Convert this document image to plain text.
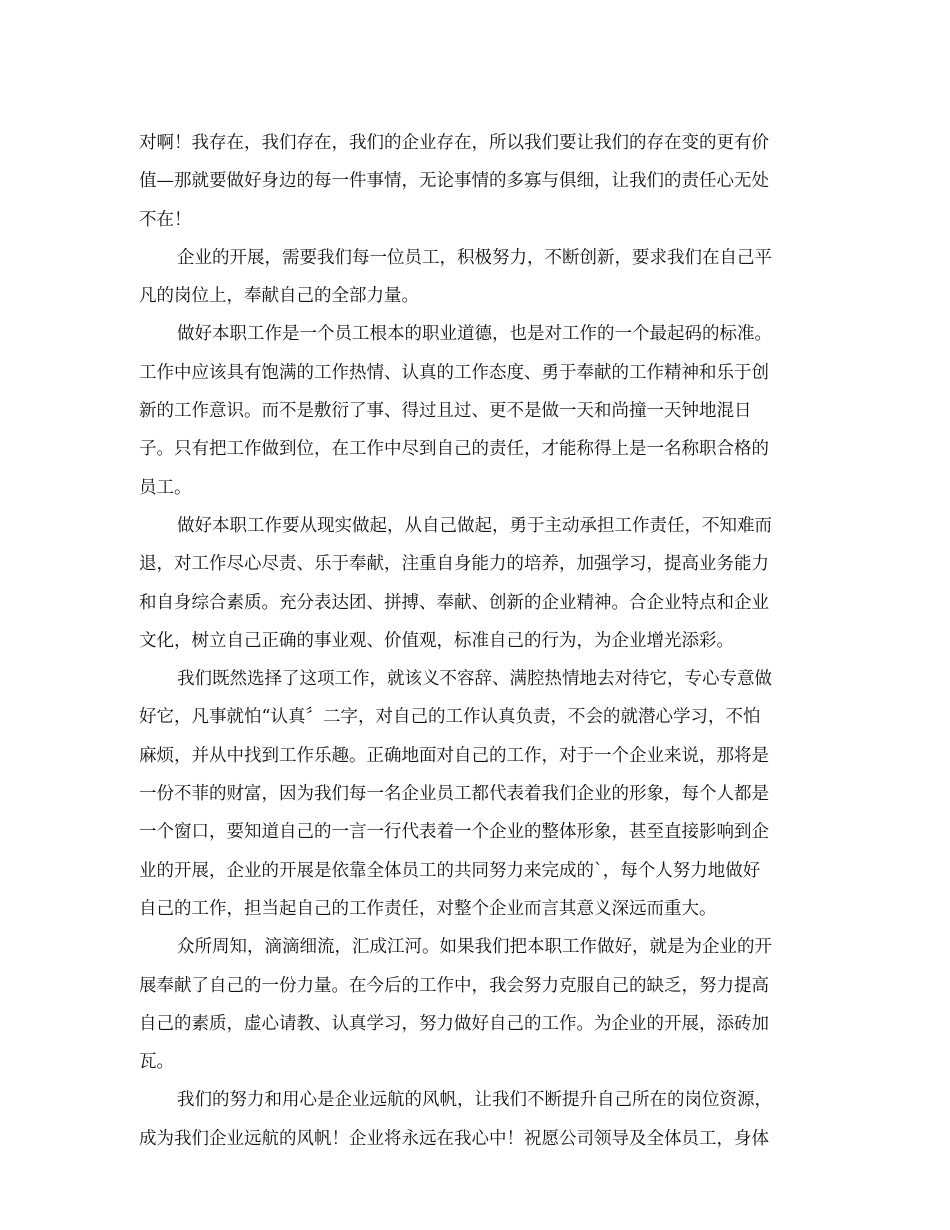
对啊！我存在，我们存在，我们的企业存在，所以我们要让我们的存在变的更有价
值—那就要做好身边的每一件事情，无论事情的多寡与俱细，让我们的责任心无处
不在！
企业的开展，需要我们每一位员工，积极努力，不断创新，要求我们在自己平
凡的岗位上，奉献自己的全部力量。
做好本职工作是一个员工根本的职业道德，也是对工作的一个最起码的标准。
工作中应该具有饱满的工作热情、认真的工作态度、勇于奉献的工作精神和乐于创
新的工作意识。而不是敷衍了事、得过且过、更不是做一天和尚撞一天钟地混日
子。只有把工作做到位，在工作中尽到自己的责任，才能称得上是一名称职合格的
员工。
做好本职工作要从现实做起，从自己做起，勇于主动承担工作责任，不知难而
退，对工作尽心尽责、乐于奉献，注重自身能力的培养，加强学习，提高业务能力
和自身综合素质。充分表达团、拼搏、奉献、创新的企业精神。合企业特点和企业
文化，树立自己正确的事业观、价值观，标准自己的行为，为企业增光添彩。
我们既然选择了这项工作，就该义不容辞、满腔热情地去对待它，专心专意做
好它，凡事就怕“认真〞二字，对自己的工作认真负责，不会的就潜心学习，不怕
麻烦，并从中找到工作乐趣。正确地面对自己的工作，对于一个企业来说，那将是
一份不菲的财富，因为我们每一名企业员工都代表着我们企业的形象，每个人都是
一个窗口，要知道自己的一言一行代表着一个企业的整体形象，甚至直接影响到企
业的开展，企业的开展是依靠全体员工的共同努力来完成的`，每个人努力地做好
自己的工作，担当起自己的工作责任，对整个企业而言其意义深远而重大。
众所周知，滴滴细流，汇成江河。如果我们把本职工作做好，就是为企业的开
展奉献了自己的一份力量。在今后的工作中，我会努力克服自己的缺乏，努力提高
自己的素质，虚心请教、认真学习，努力做好自己的工作。为企业的开展，添砖加
瓦。
我们的努力和用心是企业远航的风帆，让我们不断提升自己所在的岗位资源，
成为我们企业远航的风帆！企业将永远在我心中！祝愿公司领导及全体员工，身体
